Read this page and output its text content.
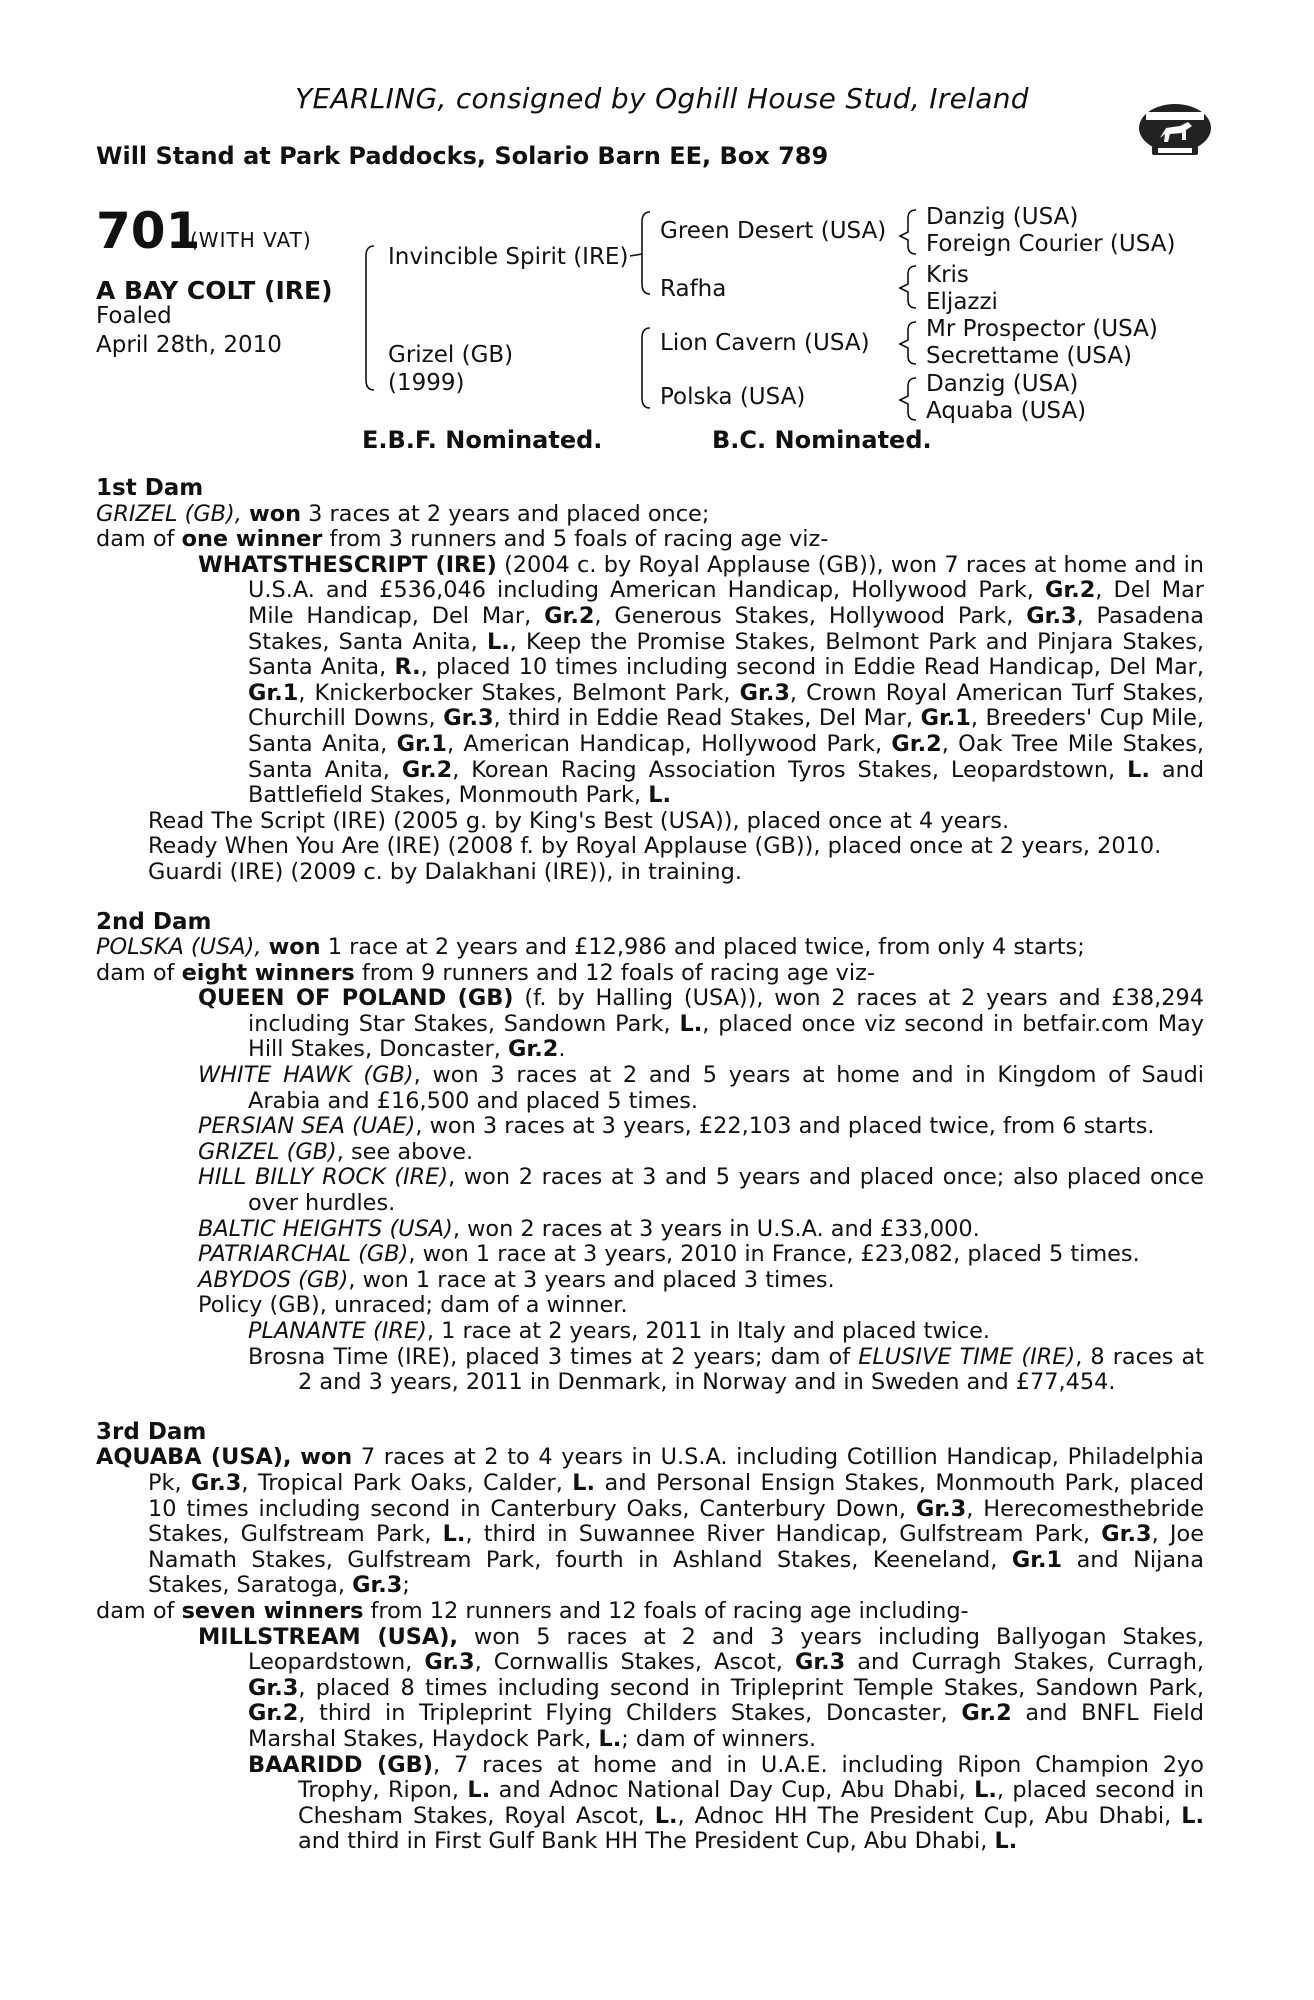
YEARLING, consigned by Oghill House Stud, Ireland
Will Stand at Park Paddocks, Solario Barn EE, Box 789
701
(WITH VAT)
A BAY COLT (IRE)
Foaled
April 28th, 2010
Invincible Spirit (IRE)
Grizel (GB)
(1999)
Green Desert (USA)
Rafha
Lion Cavern (USA)
Polska (USA)
Danzig (USA)
Foreign Courier (USA)
Kris
Eljazzi
Mr Prospector (USA)
Secrettame (USA)
Danzig (USA)
Aquaba (USA)
E.B.F. Nominated.	B.C. Nominated.
1st Dam

GRIZEL (GB), won 3 races at 2 years and placed once;

dam of one winner from 3 runners and 5 foals of racing age viz-

WHATSTHESCRIPT (IRE) (2004 c. by Royal Applause (GB)), won 7 races at home and in U.S.A. and £536,046 including American Handicap, Hollywood Park, Gr.2, Del Mar Mile Handicap, Del Mar, Gr.2, Generous Stakes, Hollywood Park, Gr.3, Pasadena Stakes, Santa Anita, L., Keep the Promise Stakes, Belmont Park and Pinjara Stakes, Santa Anita, R., placed 10 times including second in Eddie Read Handicap, Del Mar, Gr.1, Knickerbocker Stakes, Belmont Park, Gr.3, Crown Royal American Turf Stakes, Churchill Downs, Gr.3, third in Eddie Read Stakes, Del Mar, Gr.1, Breeders' Cup Mile, Santa Anita, Gr.1, American Handicap, Hollywood Park, Gr.2, Oak Tree Mile Stakes, Santa Anita, Gr.2, Korean Racing Association Tyros Stakes, Leopardstown, L. and Battlefield Stakes, Monmouth Park, L.

Read The Script (IRE) (2005 g. by King's Best (USA)), placed once at 4 years.

Ready When You Are (IRE) (2008 f. by Royal Applause (GB)), placed once at 2 years, 2010.

Guardi (IRE) (2009 c. by Dalakhani (IRE)), in training.

2nd Dam

POLSKA (USA), won 1 race at 2 years and £12,986 and placed twice, from only 4 starts;

dam of eight winners from 9 runners and 12 foals of racing age viz-

QUEEN OF POLAND (GB) (f. by Halling (USA)), won 2 races at 2 years and £38,294 including Star Stakes, Sandown Park, L., placed once viz second in betfair.com May Hill Stakes, Doncaster, Gr.2.

WHITE HAWK (GB), won 3 races at 2 and 5 years at home and in Kingdom of Saudi Arabia and £16,500 and placed 5 times.

PERSIAN SEA (UAE), won 3 races at 3 years, £22,103 and placed twice, from 6 starts.

GRIZEL (GB), see above.

HILL BILLY ROCK (IRE), won 2 races at 3 and 5 years and placed once; also placed once over hurdles.

BALTIC HEIGHTS (USA), won 2 races at 3 years in U.S.A. and £33,000.

PATRIARCHAL (GB), won 1 race at 3 years, 2010 in France, £23,082, placed 5 times.

ABYDOS (GB), won 1 race at 3 years and placed 3 times.

Policy (GB), unraced; dam of a winner.

PLANANTE (IRE), 1 race at 2 years, 2011 in Italy and placed twice.

Brosna Time (IRE), placed 3 times at 2 years; dam of ELUSIVE TIME (IRE), 8 races at 2 and 3 years, 2011 in Denmark, in Norway and in Sweden and £77,454.

3rd Dam

AQUABA (USA), won 7 races at 2 to 4 years in U.S.A. including Cotillion Handicap, Philadelphia Pk, Gr.3, Tropical Park Oaks, Calder, L. and Personal Ensign Stakes, Monmouth Park, placed 10 times including second in Canterbury Oaks, Canterbury Down, Gr.3, Herecomesthebride Stakes, Gulfstream Park, L., third in Suwannee River Handicap, Gulfstream Park, Gr.3, Joe Namath Stakes, Gulfstream Park, fourth in Ashland Stakes, Keeneland, Gr.1 and Nijana Stakes, Saratoga, Gr.3;

dam of seven winners from 12 runners and 12 foals of racing age including-

MILLSTREAM (USA), won 5 races at 2 and 3 years including Ballyogan Stakes, Leopardstown, Gr.3, Cornwallis Stakes, Ascot, Gr.3 and Curragh Stakes, Curragh, Gr.3, placed 8 times including second in Tripleprint Temple Stakes, Sandown Park, Gr.2, third in Tripleprint Flying Childers Stakes, Doncaster, Gr.2 and BNFL Field Marshal Stakes, Haydock Park, L.; dam of winners.

BAARIDD (GB), 7 races at home and in U.A.E. including Ripon Champion 2yo Trophy, Ripon, L. and Adnoc National Day Cup, Abu Dhabi, L., placed second in Chesham Stakes, Royal Ascot, L., Adnoc HH The President Cup, Abu Dhabi, L. and third in First Gulf Bank HH The President Cup, Abu Dhabi, L.
